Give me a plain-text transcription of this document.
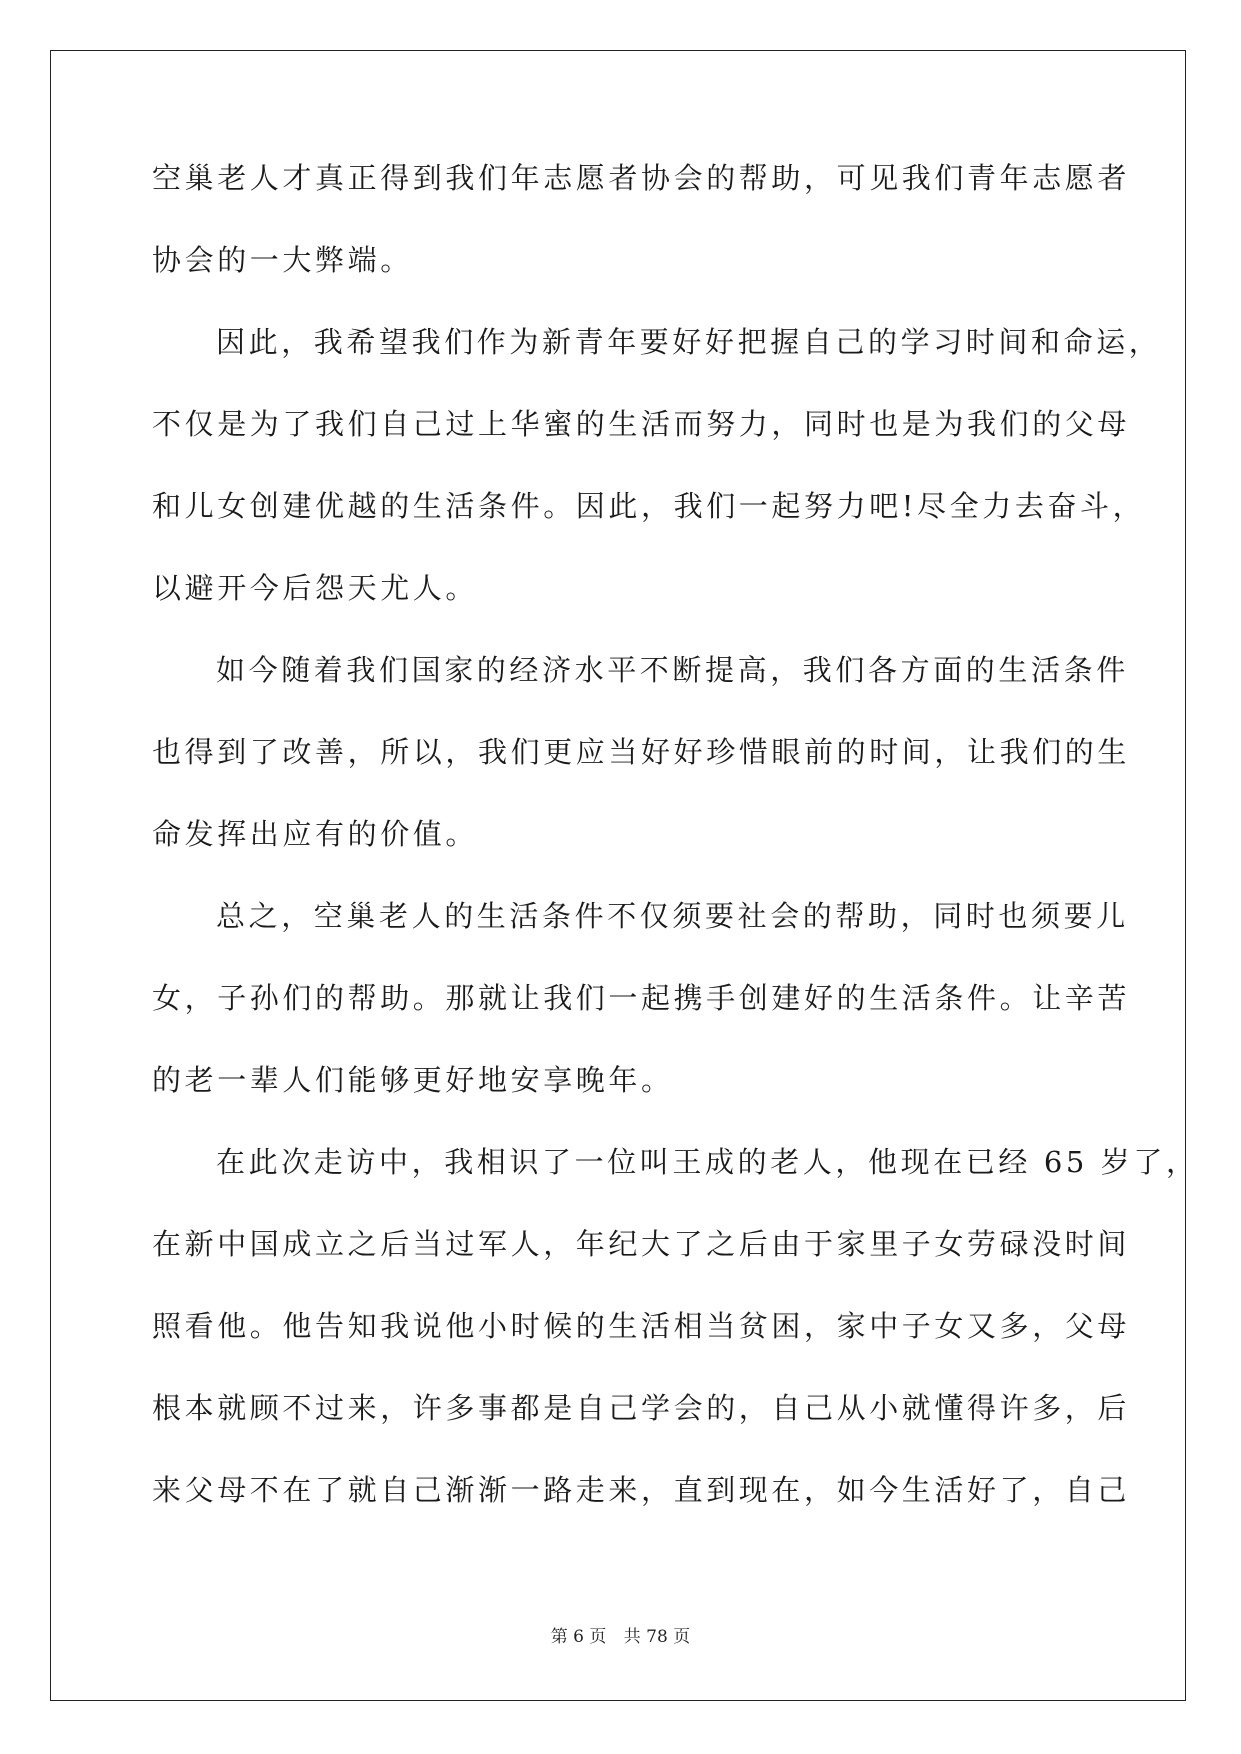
空巢老人才真正得到我们年志愿者协会的帮助，可见我们青年志愿者
协会的一大弊端。
因此，我希望我们作为新青年要好好把握自己的学习时间和命运，
不仅是为了我们自己过上华蜜的生活而努力，同时也是为我们的父母
和儿女创建优越的生活条件。因此，我们一起努力吧!尽全力去奋斗，
以避开今后怨天尤人。
如今随着我们国家的经济水平不断提高，我们各方面的生活条件
也得到了改善，所以，我们更应当好好珍惜眼前的时间，让我们的生
命发挥出应有的价值。
总之，空巢老人的生活条件不仅须要社会的帮助，同时也须要儿
女，子孙们的帮助。那就让我们一起携手创建好的生活条件。让辛苦
的老一辈人们能够更好地安享晚年。
在此次走访中，我相识了一位叫王成的老人，他现在已经 65 岁了，
在新中国成立之后当过军人，年纪大了之后由于家里子女劳碌没时间
照看他。他告知我说他小时候的生活相当贫困，家中子女又多，父母
根本就顾不过来，许多事都是自己学会的，自己从小就懂得许多，后
来父母不在了就自己渐渐一路走来，直到现在，如今生活好了，自己
第 6 页 共 78 页
